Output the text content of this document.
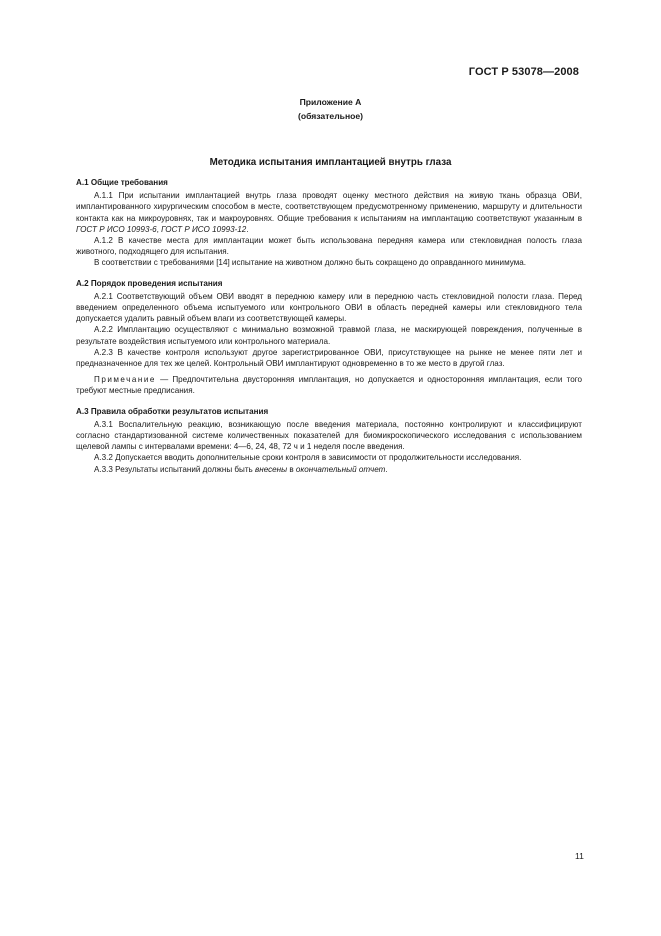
ГОСТ Р 53078—2008
Приложение А
(обязательное)
Методика испытания имплантацией внутрь глаза
А.1 Общие требования

А.1.1 При испытании имплантацией внутрь глаза проводят оценку местного действия на живую ткань образца ОВИ, имплантированного хирургическим способом в месте, соответствующем предусмотренному применению, маршруту и длительности контакта как на микроуровнях, так и макроуровнях. Общие требования к испытаниям на имплантацию соответствуют указанным в ГОСТ Р ИСО 10993-6, ГОСТ Р ИСО 10993-12.

А.1.2 В качестве места для имплантации может быть использована передняя камера или стекловидная полость глаза животного, подходящего для испытания.

В соответствии с требованиями [14] испытание на животном должно быть сокращено до оправданного минимума.

А.2 Порядок проведения испытания

А.2.1 Соответствующий объем ОВИ вводят в переднюю камеру или в переднюю часть стекловидной полости глаза. Перед введением определенного объема испытуемого или контрольного ОВИ в область передней камеры или стекловидного тела допускается удалить равный объем влаги из соответствующей камеры.

А.2.2 Имплантацию осуществляют с минимально возможной травмой глаза, не маскирующей повреждения, полученные в результате воздействия испытуемого или контрольного материала.

А.2.3 В качестве контроля используют другое зарегистрированное ОВИ, присутствующее на рынке не менее пяти лет и предназначенное для тех же целей. Контрольный ОВИ имплантируют одновременно в то же место в другой глаз.

Примечание — Предпочтительна двусторонняя имплантация, но допускается и односторонняя имплантация, если того требуют местные предписания.

А.3 Правила обработки результатов испытания

А.3.1 Воспалительную реакцию, возникающую после введения материала, постоянно контролируют и классифицируют согласно стандартизованной системе количественных показателей для биомикроскопического исследования с использованием щелевой лампы с интервалами времени: 4—6, 24, 48, 72 ч и 1 неделя после введения.

А.3.2 Допускается вводить дополнительные сроки контроля в зависимости от продолжительности исследования.

А.3.3 Результаты испытаний должны быть внесены в окончательный отчет.

11
